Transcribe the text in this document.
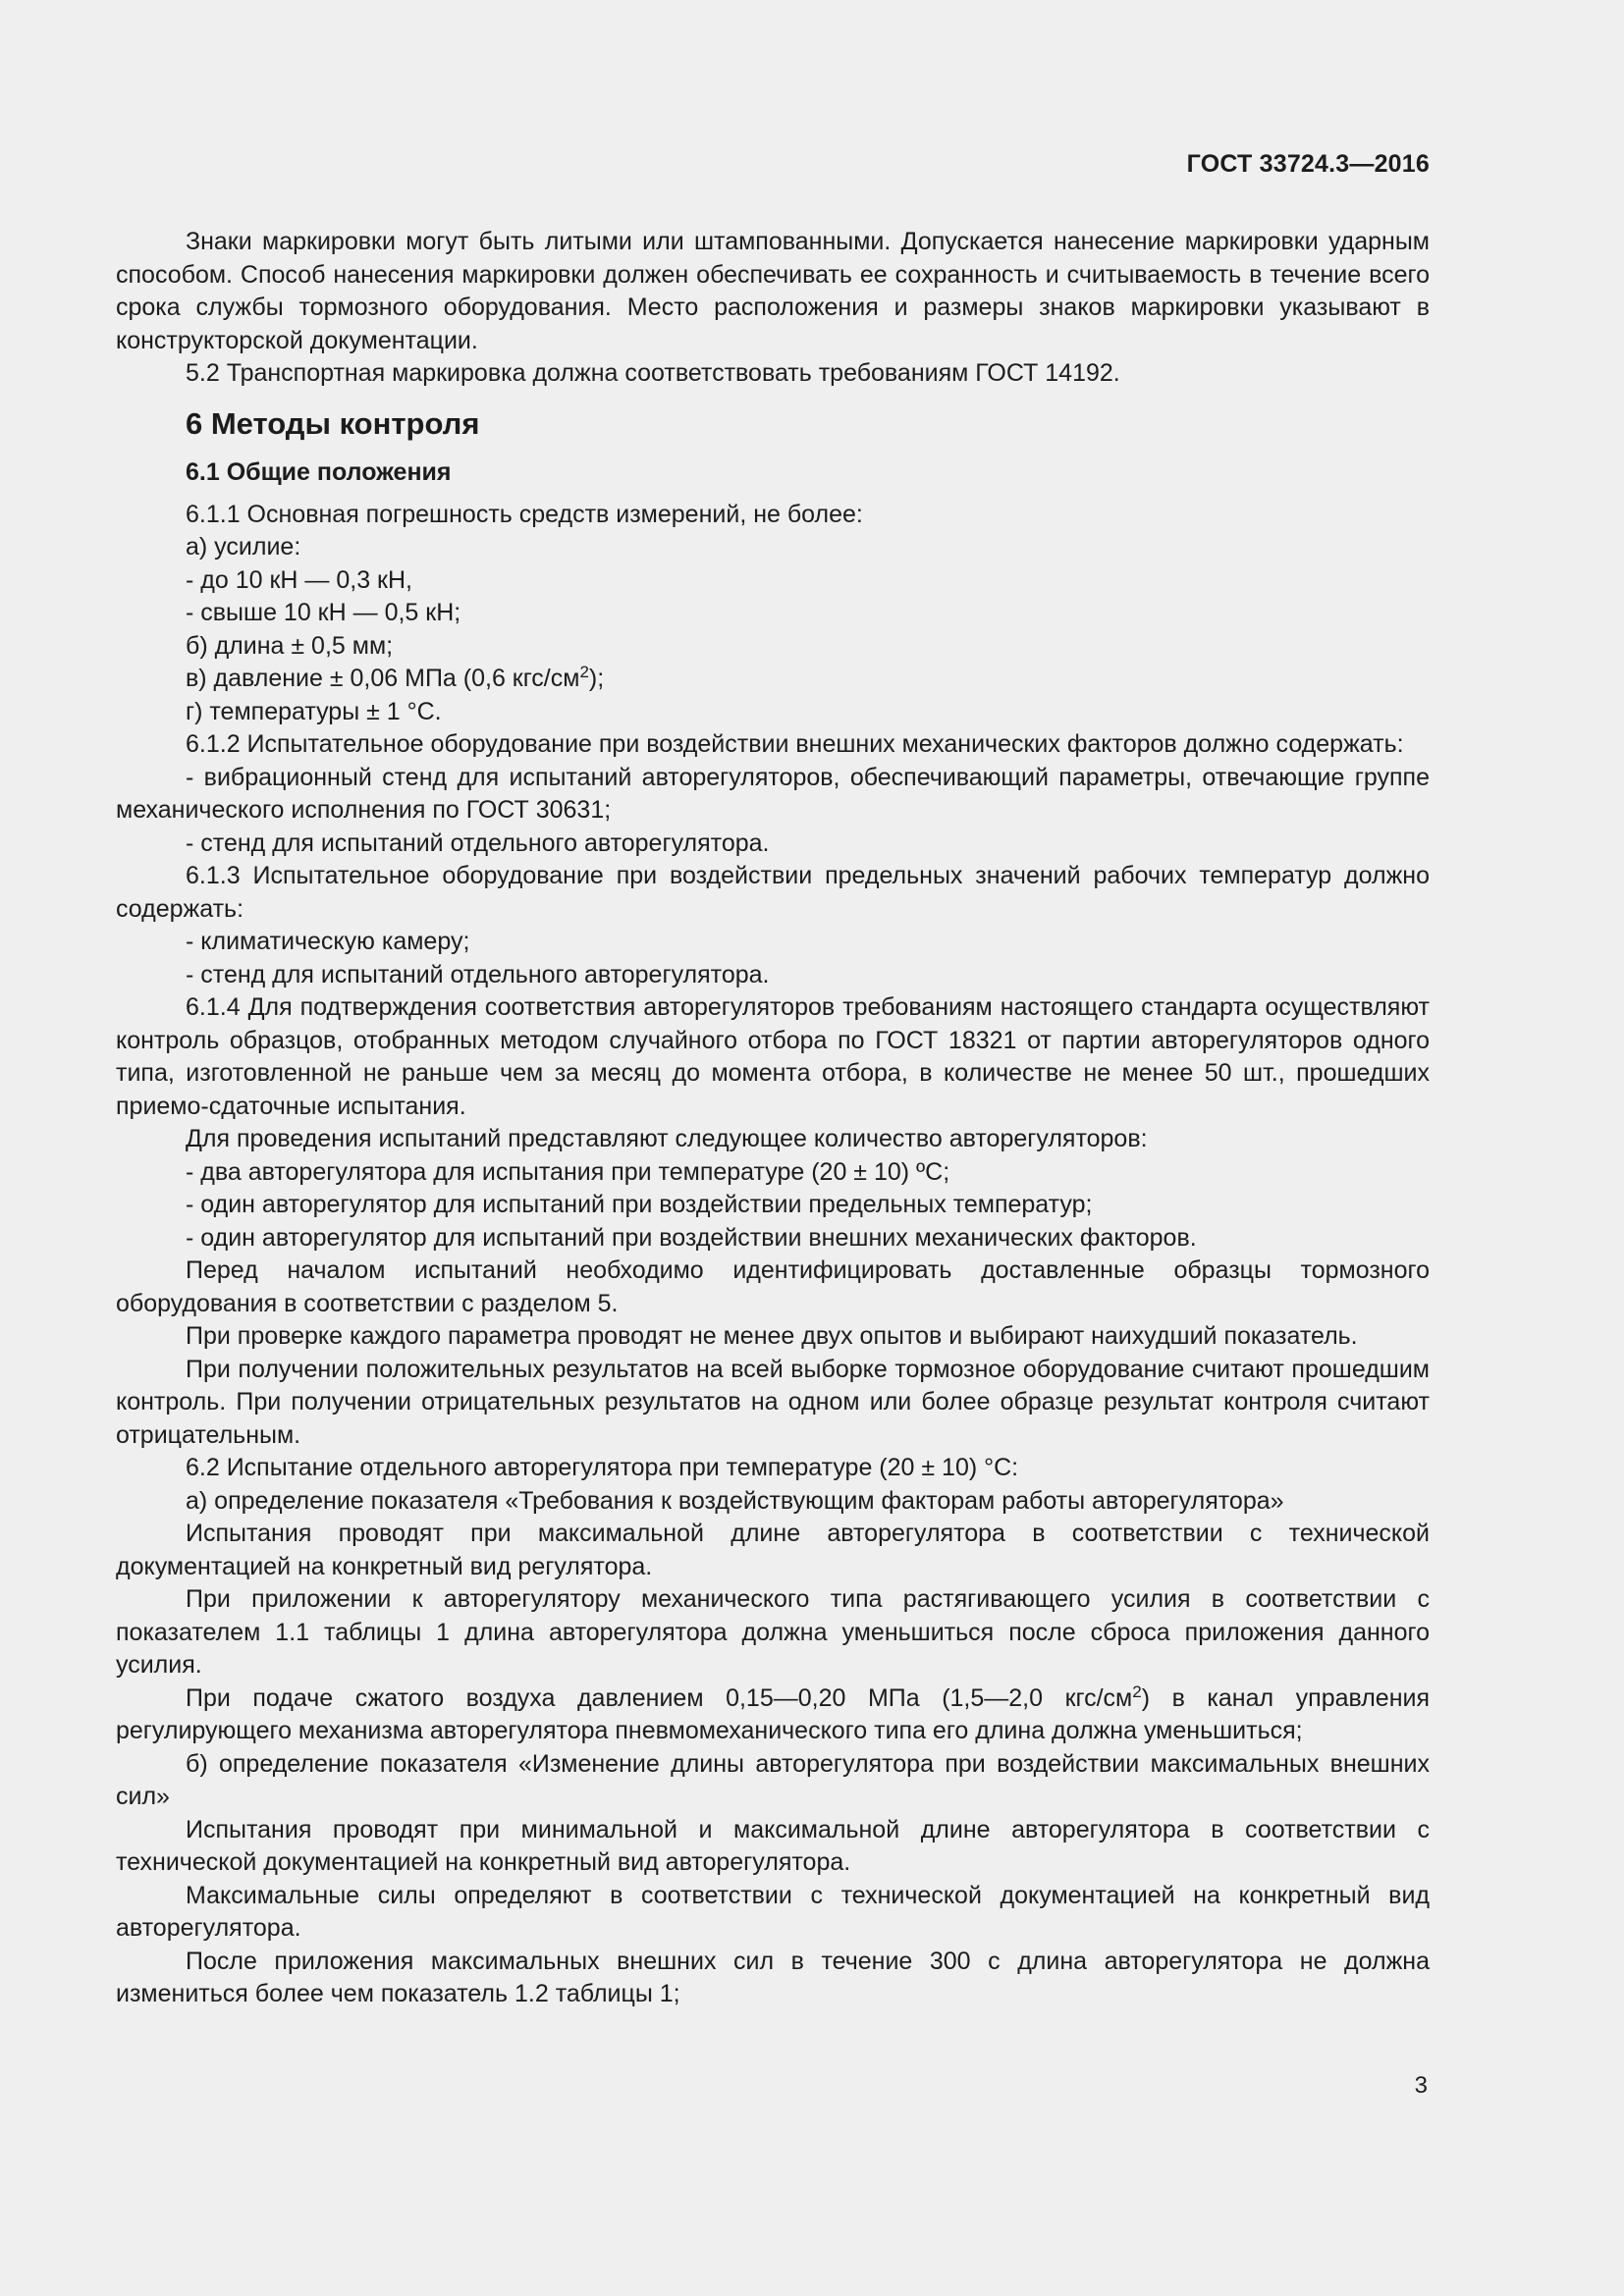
ГОСТ 33724.3—2016

Знаки маркировки могут быть литыми или штампованными. Допускается нанесение маркировки ударным способом. Способ нанесения маркировки должен обеспечивать ее сохранность и считываемость в течение всего срока службы тормозного оборудования. Место расположения и размеры знаков маркировки указывают в конструкторской документации.

5.2 Транспортная маркировка должна соответствовать требованиям ГОСТ 14192.

6 Методы контроля
6.1 Общие положения

6.1.1 Основная погрешность средств измерений, не более:

а) усилие:

- до 10 кН — 0,3 кН,

- свыше 10 кН — 0,5 кН;

б) длина ± 0,5 мм;

в) давление ± 0,06 МПа (0,6 кгс/$см^2$);

г) температуры ± 1 °С.

6.1.2 Испытательное оборудование при воздействии внешних механических факторов должно содержать:

- вибрационный стенд для испытаний авторегуляторов, обеспечивающий параметры, отвечающие группе механического исполнения по ГОСТ 30631;

- стенд для испытаний отдельного авторегулятора.

6.1.3 Испытательное оборудование при воздействии предельных значений рабочих температур должно содержать:

- климатическую камеру;

- стенд для испытаний отдельного авторегулятора.

6.1.4 Для подтверждения соответствия авторегуляторов требованиям настоящего стандарта осуществляют контроль образцов, отобранных методом случайного отбора по ГОСТ 18321 от партии авторегуляторов одного типа, изготовленной не раньше чем за месяц до момента отбора, в количестве не менее 50 шт., прошедших приемо-сдаточные испытания.

Для проведения испытаний представляют следующее количество авторегуляторов:

- два авторегулятора для испытания при температуре (20 ± 10) ºС;

- один авторегулятор для испытаний при воздействии предельных температур;

- один авторегулятор для испытаний при воздействии внешних механических факторов.

Перед началом испытаний необходимо идентифицировать доставленные образцы тормозного оборудования в соответствии с разделом 5.

При проверке каждого параметра проводят не менее двух опытов и выбирают наихудший показатель.

При получении положительных результатов на всей выборке тормозное оборудование считают прошедшим контроль. При получении отрицательных результатов на одном или более образце результат контроля считают отрицательным.

6.2 Испытание отдельного авторегулятора при температуре (20 ± 10) °С:

а) определение показателя «Требования к воздействующим факторам работы авторегулятора»

Испытания проводят при максимальной длине авторегулятора в соответствии с технической документацией на конкретный вид регулятора.

При приложении к авторегулятору механического типа растягивающего усилия в соответствии с показателем 1.1 таблицы 1 длина авторегулятора должна уменьшиться после сброса приложения данного усилия.

При подаче сжатого воздуха давлением 0,15—0,20 МПа (1,5—2,0 кгс/$см^2$) в канал управления регулирующего механизма авторегулятора пневмомеханического типа его длина должна уменьшиться;

б) определение показателя «Изменение длины авторегулятора при воздействии максимальных внешних сил»

Испытания проводят при минимальной и максимальной длине авторегулятора в соответствии с технической документацией на конкретный вид авторегулятора.

Максимальные силы определяют в соответствии с технической документацией на конкретный вид авторегулятора.

После приложения максимальных внешних сил в течение 300 с длина авторегулятора не должна измениться более чем показатель 1.2 таблицы 1;

3
